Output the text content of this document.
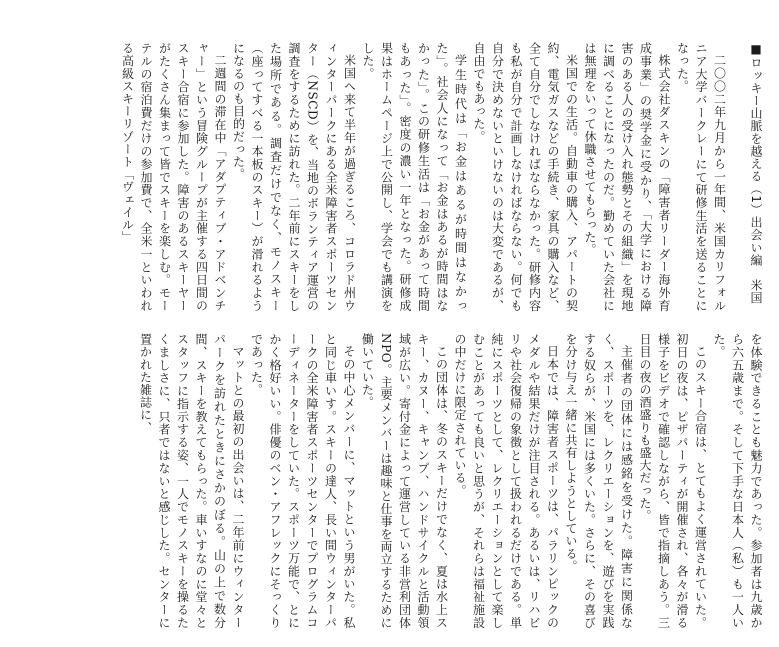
■ロッキー山脈を越える（1）出会い編　米国
二〇〇二年九月から一年間、米国カリフォルニア大学バークレーにて研修生活を送ることになった。
株式会社ダスキンの「障害者リーダー海外育成事業」の奨学金に受かり、「大学における障害のある人の受け入れ態勢とその組織」を現地に調べることになったのだ。勤めていた会社には無理をいって休職させてもらった。
米国での生活。自動車の購入、アパートの契約、電気ガスなどの手続き、家具の購入など、全て自分でしなければならなかった。研修内容も私が自分で計画しなければならない。何でも自分で決めないといけないのは大変であるが、自由でもあった。
学生時代は「お金はあるが時間はなかった」。社会人になって「お金はあるが時間はなかった」。この研修生活は「お金があって時間もあった」。密度の濃い一年となった。研修成果はホームページ上で公開し、学会でも講演をした。
米国へ来て半年が過ぎるころ、コロラド州ウィンターパークにある全米障害者スポーツセンター（NSCD）を、当地のボランティア運営の調査をするために訪れた。二年前にスキーをした場所である。調査だけでなく、モノスキー（座ってすべる一本板のスキー）が滑れるようになるのも目的だった。
二週間の滞在中「アダプティブ・アドベンチャー」という冒険グループが主催する四日間のスキー合宿に参加した。障害のあるスキーヤーがたくさん集まって皆でスキーを楽しむ。モーテルの宿泊費だけの参加費で、全米一といわれる高級スキーリゾート「ヴェイル」
を体験できることも魅力であった。参加者は九歳から六五歳まで。そして下手な日本人（私）も一人いた。
このスキー合宿は、とてもよく運営されていた。初日の夜は、ピザパーティが開催され、各々が滑る様子をビデオで確認しながら、皆で指摘しあう。三日目の夜の酒盛りも盛大だった。
主催者の団体には感銘を受けた。障害に関係なく、スポーツを、レクリエーションを、遊びを実践する奴らが、米国には多くいた。さらに、その喜びを分け与え一緒に共有しようとしている。
日本では、障害者スポーツは、パラリンピックのメダルや結果だけが注目される。あるいは、リハビリや社会復帰の象徴として扱われるだけである。単純にスポーツとして、レクリエーションとして楽しむことがあっても良いと思うが、それらは福祉施設の中だけに限定されている。
この団体は、冬のスキーだけでなく、夏は水上スキー、カヌー、キャンプ、ハンドサイクルと活動領域が広い。寄付金によって運営している非営利団体NPO。主要メンバーは趣味と仕事を両立するために働いていた。
その中心メンバーに、マットという男がいた。私と同じ車いす。スキーの達人、長い間ウィンターパークの全米障害者スポーツセンターでプログラムコーディネーターをしていた。スポーツ万能で、とにかく格好いい。俳優のベン・アフレックにそっくりであった。
マットとの最初の出会いは、二年前にウィンターパークを訪れたときにさかのぼる。山の上で数分間、スキーを教えてもらった。車いすなのに堂々とスタッフに指示する姿、一人でモノスキーを操るたくましさに、只者ではないと感じした。センターに置かれた雑誌に、
